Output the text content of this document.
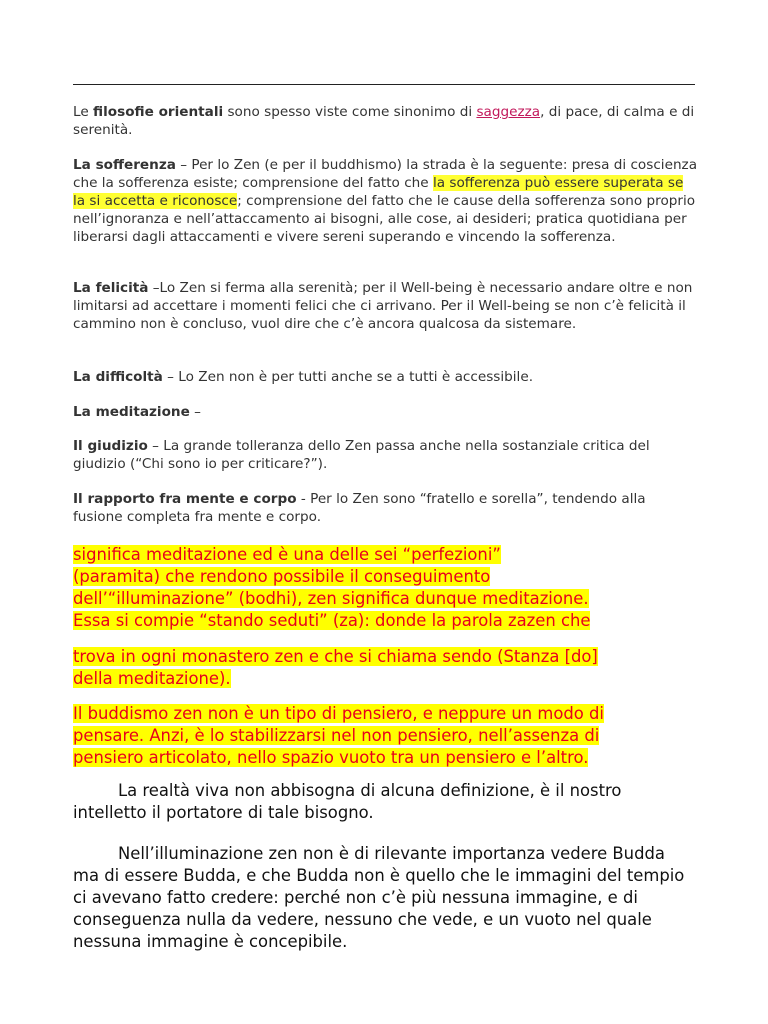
Le filosofie orientali sono spesso viste come sinonimo di saggezza, di pace, di calma e di serenità.

La sofferenza – Per lo Zen (e per il buddhismo) la strada è la seguente: presa di coscienza che la sofferenza esiste; comprensione del fatto che la sofferenza può essere superata se la si accetta e riconosce; comprensione del fatto che le cause della sofferenza sono proprio nell’ignoranza e nell’attaccamento ai bisogni, alle cose, ai desideri; pratica quotidiana per liberarsi dagli attaccamenti e vivere sereni superando e vincendo la sofferenza.

La felicità –Lo Zen si ferma alla serenità; per il Well-being è necessario andare oltre e non limitarsi ad accettare i momenti felici che ci arrivano. Per il Well-being se non c’è felicità il cammino non è concluso, vuol dire che c’è ancora qualcosa da sistemare.

La difficoltà – Lo Zen non è per tutti anche se a tutti è accessibile.

La meditazione –

Il giudizio – La grande tolleranza dello Zen passa anche nella sostanziale critica del giudizio (“Chi sono io per criticare?”).

Il rapporto fra mente e corpo - Per lo Zen sono “fratello e sorella”, tendendo alla fusione completa fra mente e corpo.

significa meditazione ed è una delle sei “perfezioni”
(paramita) che rendono possibile il conseguimento
dell’“illuminazione” (bodhi), zen significa dunque meditazione.
Essa si compie “stando seduti” (za): donde la parola zazen che
trova in ogni monastero zen e che si chiama sendo (Stanza [do]
della meditazione).
Il buddismo zen non è un tipo di pensiero, e neppure un modo di
pensare. Anzi, è lo stabilizzarsi nel non pensiero, nell’assenza di
pensiero articolato, nello spazio vuoto tra un pensiero e l’altro.
La realtà viva non abbisogna di alcuna definizione, è il nostro intelletto il portatore di tale bisogno.
Nell’illuminazione zen non è di rilevante importanza vedere Budda ma di essere Budda, e che Budda non è quello che le immagini del tempio ci avevano fatto credere: perché non c’è più nessuna immagine, e di conseguenza nulla da vedere, nessuno che vede, e un vuoto nel quale nessuna immagine è concepibile.
